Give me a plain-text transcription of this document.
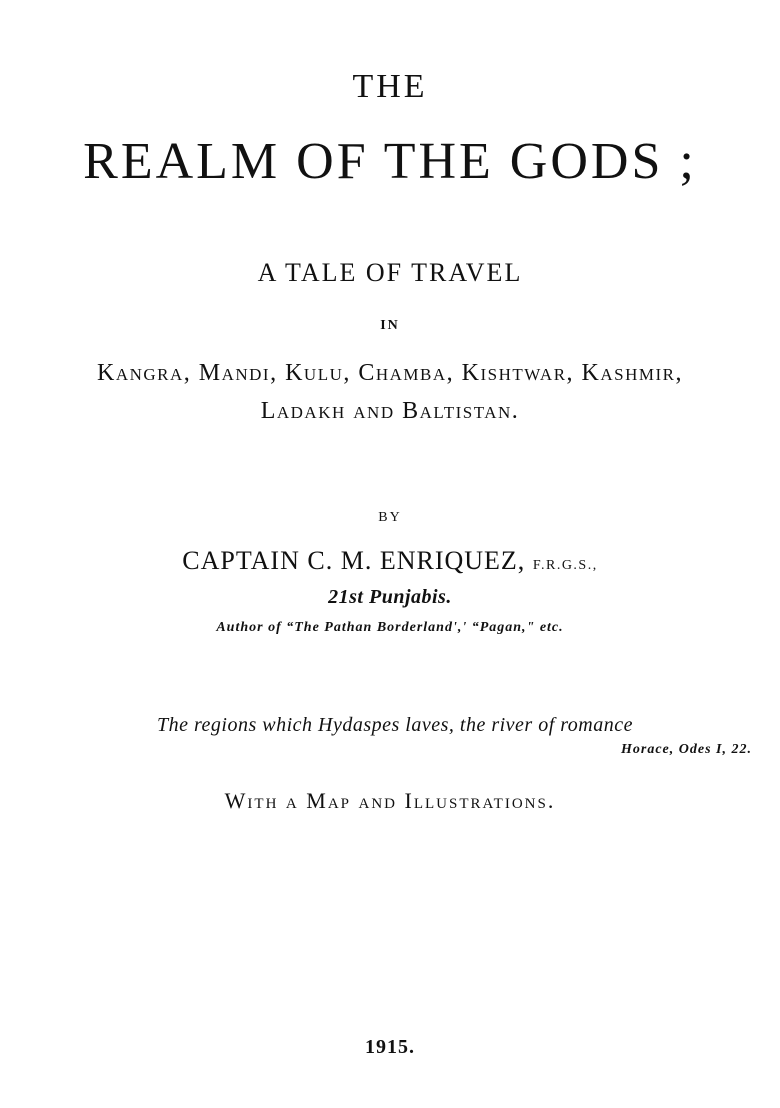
THE
REALM OF THE GODS ;
A TALE OF TRAVEL
IN
Kangra, Mandi, Kulu, Chamba, Kishtwar, Kashmir,
Ladakh and Baltistan.
BY
CAPTAIN C. M. ENRIQUEZ, F.R.G.S.,
21st Punjabis.
Author of “The Pathan Borderland',' “Pagan," etc.
The regions which Hydaspes laves, the river of romance
Horace, Odes I, 22.
With a Map and Illustrations.
1915.
